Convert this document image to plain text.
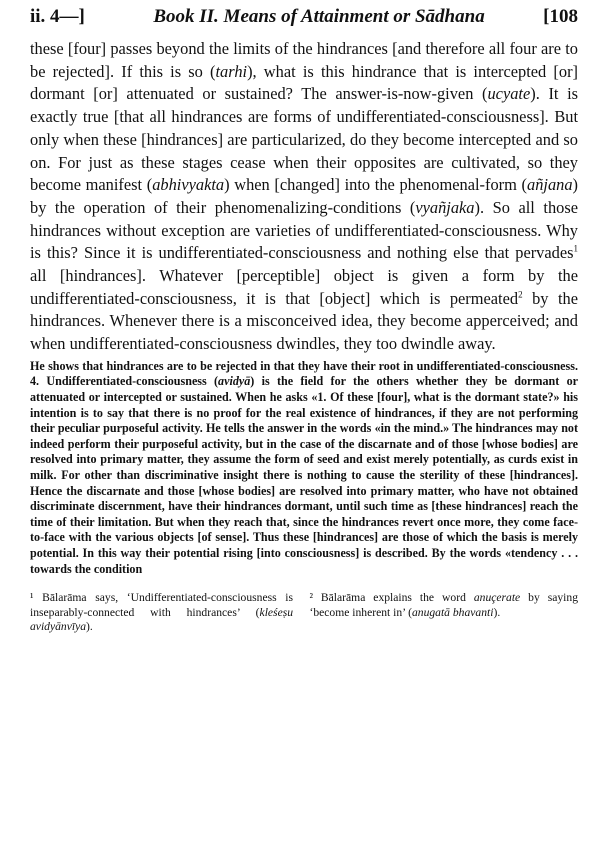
ii. 4—]	Book II. Means of Attainment or Sādhana	[108

these [four] passes beyond the limits of the hindrances [and therefore all four are to be rejected]. If this is so (tarhi), what is this hindrance that is intercepted [or] dormant [or] attenuated or sustained? The answer-is-now-given (ucyate). It is exactly true [that all hindrances are forms of undifferentiated-consciousness]. But only when these [hindrances] are particularized, do they become intercepted and so on. For just as these stages cease when their opposites are cultivated, so they become manifest (abhivyakta) when [changed] into the phenomenal-form (añjana) by the operation of their phenomenalizing-conditions (vyañjaka). So all those hindrances without exception are varieties of undifferentiated-consciousness. Why is this? Since it is undifferentiated-consciousness and nothing else that pervades$^1$ all [hindrances]. Whatever [perceptible] object is given a form by the undifferentiated-consciousness, it is that [object] which is permeated$^2$ by the hindrances. Whenever there is a misconceived idea, they become apperceived; and when undifferentiated-consciousness dwindles, they too dwindle away.

He shows that hindrances are to be rejected in that they have their root in undifferentiated-consciousness. 4. Undifferentiated-consciousness (avidyā) is the field for the others whether they be dormant or attenuated or intercepted or sustained. When he asks «1. Of these [four], what is the dormant state?» his intention is to say that there is no proof for the real existence of hindrances, if they are not performing their peculiar purposeful activity. He tells the answer in the words «in the mind.» The hindrances may not indeed perform their purposeful activity, but in the case of the discarnate and of those [whose bodies] are resolved into primary matter, they assume the form of seed and exist merely potentially, as curds exist in milk. For other than discriminative insight there is nothing to cause the sterility of these [hindrances]. Hence the discarnate and those [whose bodies] are resolved into primary matter, who have not obtained discriminate discernment, have their hindrances dormant, until such time as [these hindrances] reach the time of their limitation. But when they reach that, since the hindrances revert once more, they come face-to-face with the various objects [of sense]. Thus these [hindrances] are those of which the basis is merely potential. In this way their potential rising [into consciousness] is described. By the words «tendency . . . towards the condition

¹ Bālarāma says, ‘Undifferentiated-consciousness is inseparably-connected with hindrances’ (kleśeṣu avidyānvīya).
² Bālarāma explains the word anuçerate by saying ‘become inherent in’ (anugatā bhavanti).
